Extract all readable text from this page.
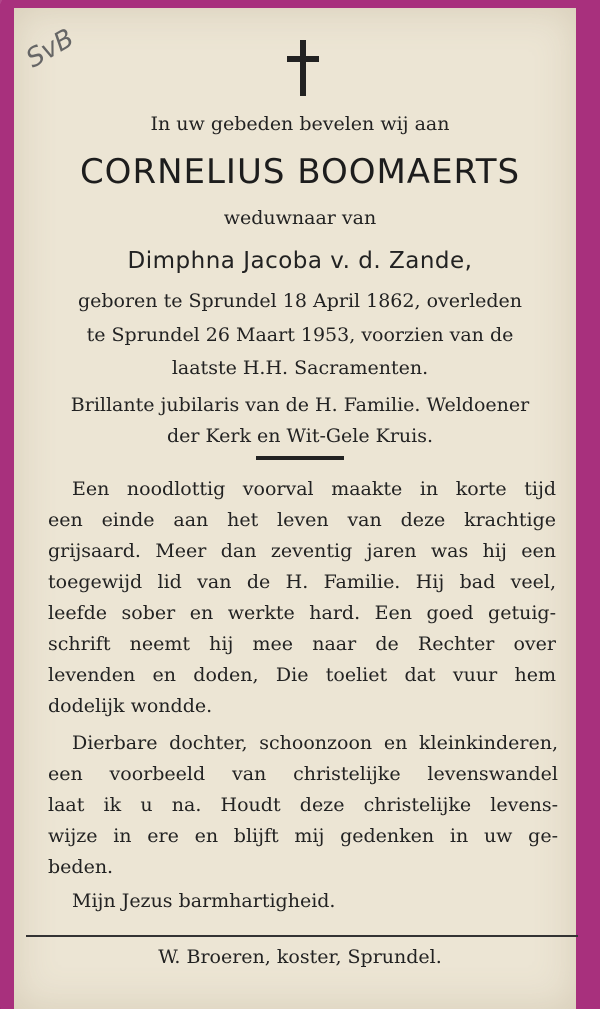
SvB
In uw gebeden bevelen wij aan
CORNELIUS BOOMAERTS
weduwnaar van
Dimphna Jacoba v. d. Zande,
geboren te Sprundel 18 April 1862, overleden
te Sprundel 26 Maart 1953, voorzien van de
laatste H.H. Sacramenten.
Brillante jubilaris van de H. Familie. Weldoener
der Kerk en Wit-Gele Kruis.
Een noodlottig voorval maakte in korte tijd
een einde aan het leven van deze krachtige
grijsaard. Meer dan zeventig jaren was hij een
toegewijd lid van de H. Familie. Hij bad veel,
leefde sober en werkte hard. Een goed getuig-
schrift neemt hij mee naar de Rechter over
levenden en doden, Die toeliet dat vuur hem
dodelijk wondde.
Dierbare dochter, schoonzoon en kleinkinderen,
een voorbeeld van christelijke levenswandel
laat ik u na. Houdt deze christelijke levens-
wijze in ere en blijft mij gedenken in uw ge-
beden.
Mijn Jezus barmhartigheid.
W. Broeren, koster, Sprundel.
